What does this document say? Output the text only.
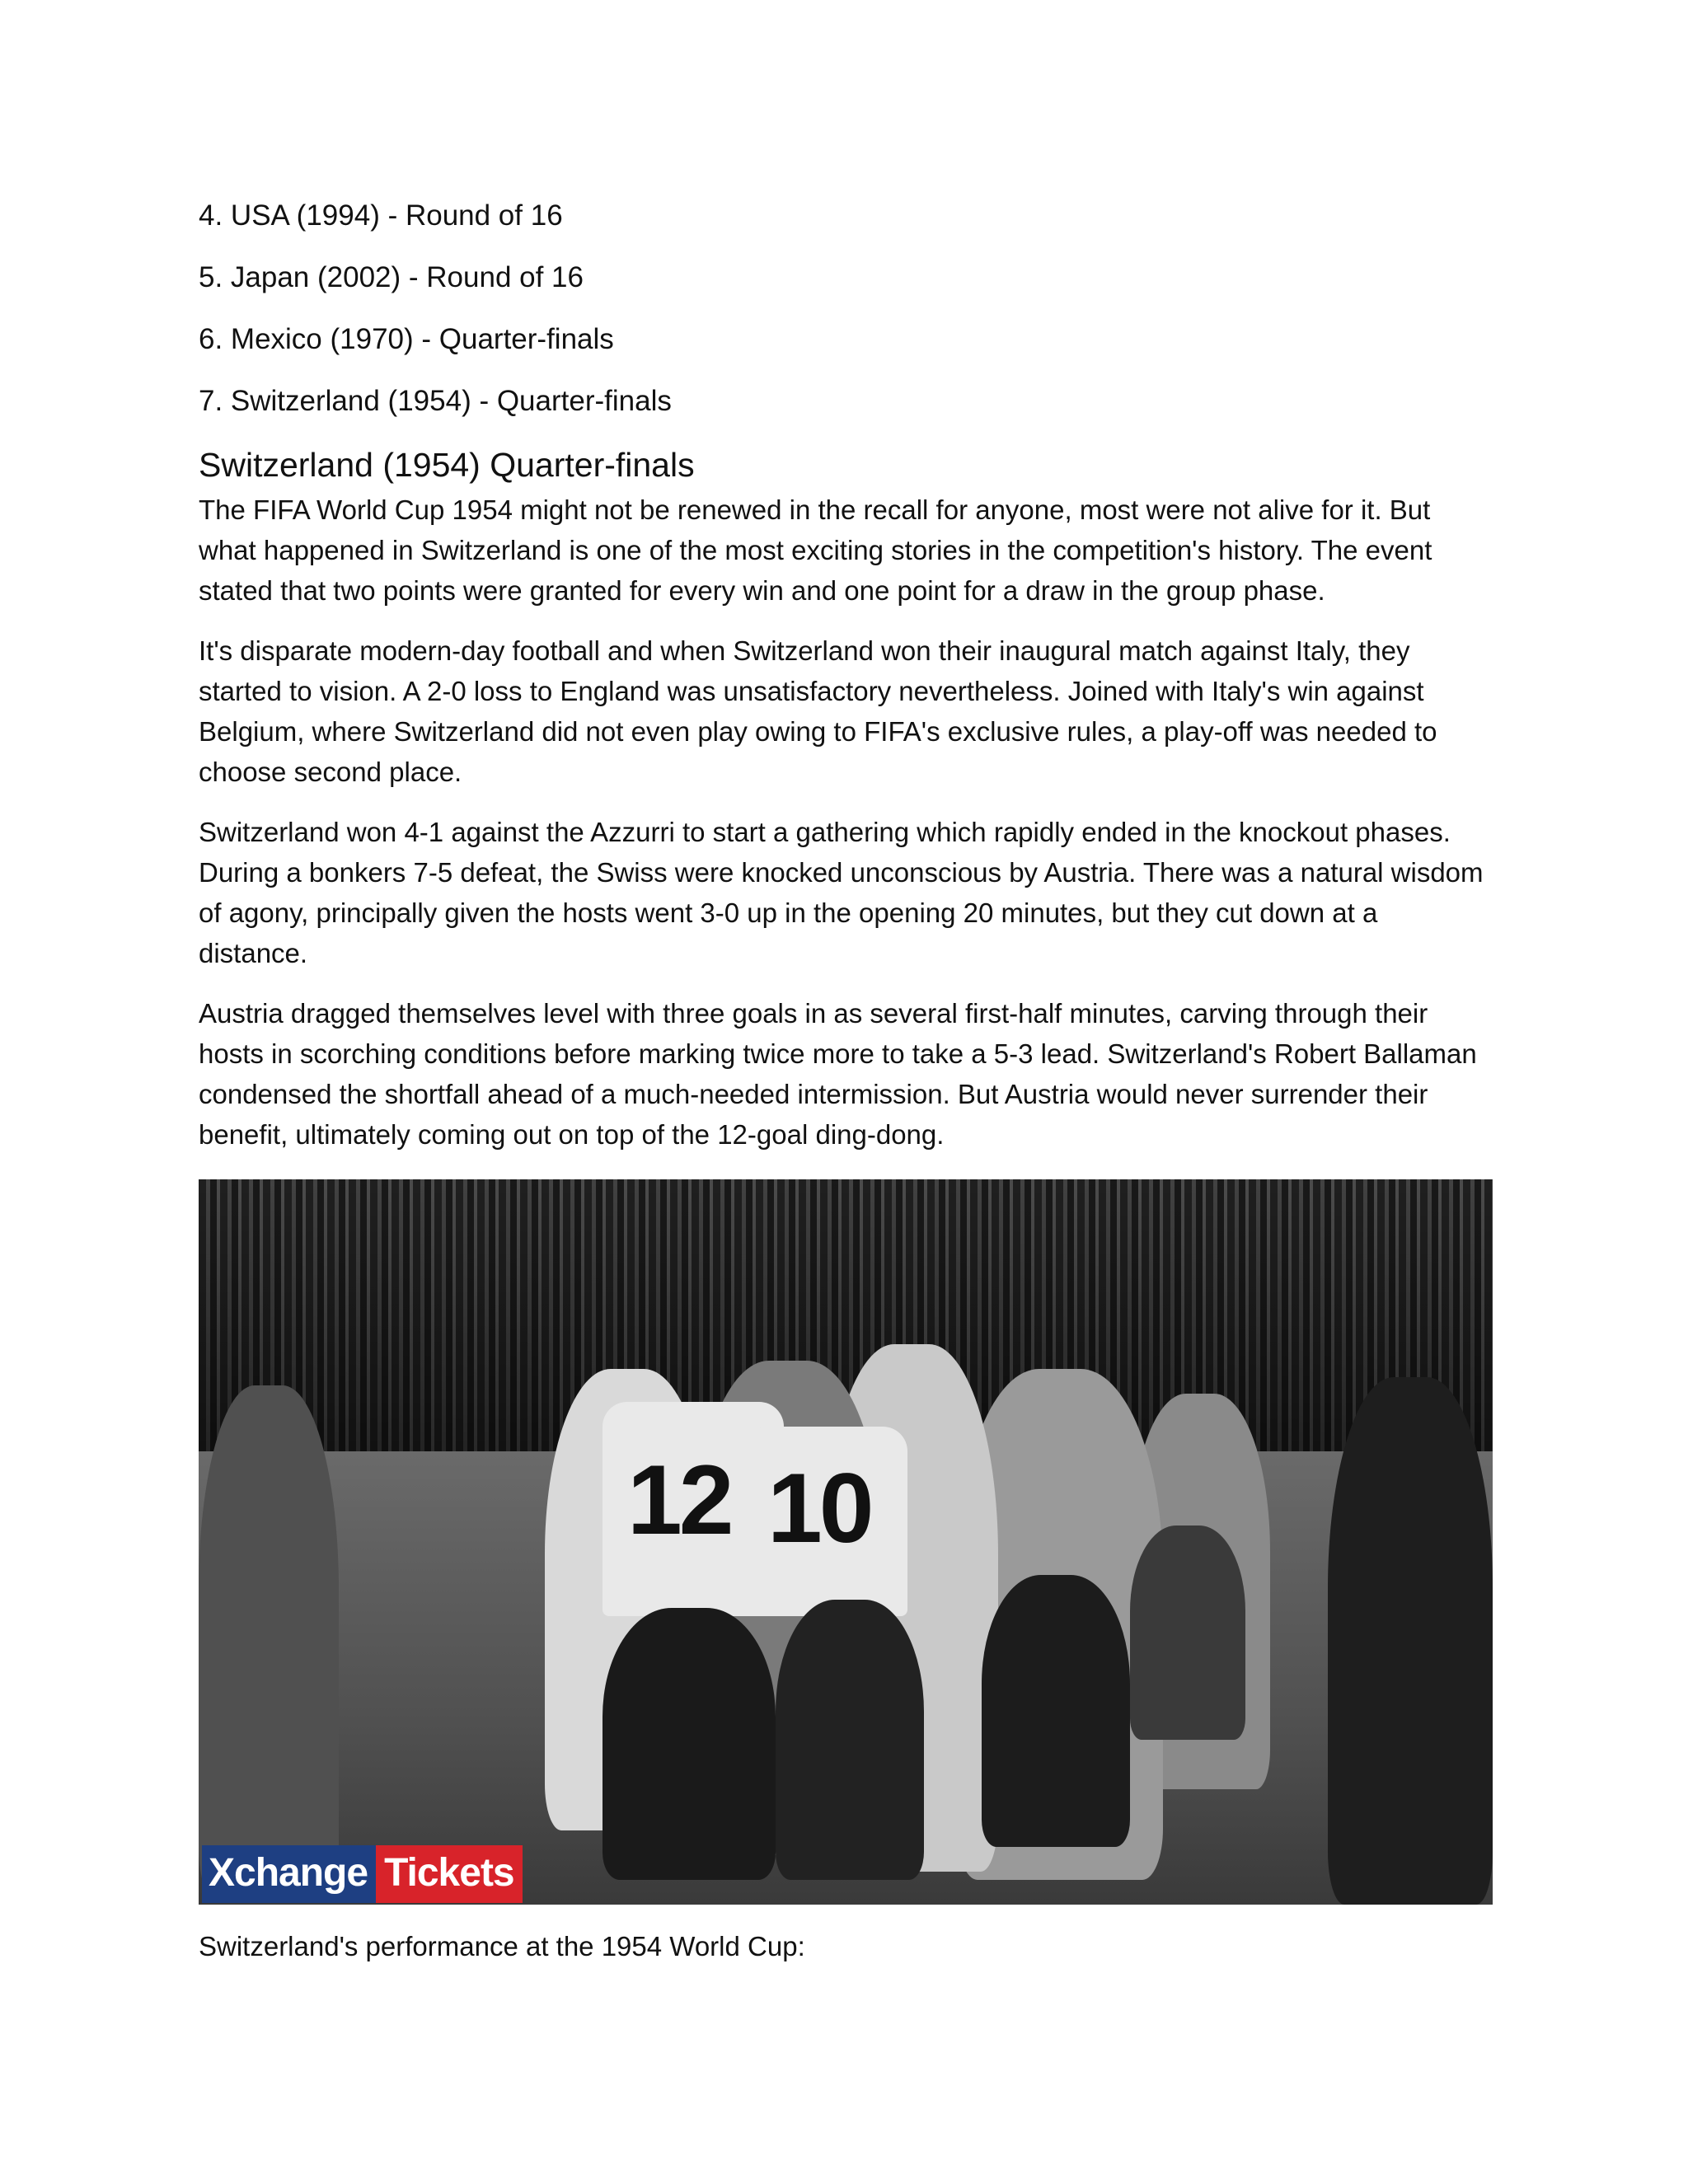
4. USA (1994) - Round of 16

5. Japan (2002) - Round of 16

6. Mexico (1970) - Quarter-finals

7. Switzerland (1954) - Quarter-finals

Switzerland (1954) Quarter-finals

The FIFA World Cup 1954 might not be renewed in the recall for anyone, most were not alive for it. But what happened in Switzerland is one of the most exciting stories in the competition's history. The event stated that two points were granted for every win and one point for a draw in the group phase.

It's disparate modern-day football and when Switzerland won their inaugural match against Italy, they started to vision. A 2-0 loss to England was unsatisfactory nevertheless. Joined with Italy's win against Belgium, where Switzerland did not even play owing to FIFA's exclusive rules, a play-off was needed to choose second place.

Switzerland won 4-1 against the Azzurri to start a gathering which rapidly ended in the knockout phases. During a bonkers 7-5 defeat, the Swiss were knocked unconscious by Austria. There was a natural wisdom of agony, principally given the hosts went 3-0 up in the opening 20 minutes, but they cut down at a distance.

Austria dragged themselves level with three goals in as several first-half minutes, carving through their hosts in scorching conditions before marking twice more to take a 5-3 lead. Switzerland's Robert Ballaman condensed the shortfall ahead of a much-needed intermission. But Austria would never surrender their benefit, ultimately coming out on top of the 12-goal ding-dong.

12 10
Xchange Tickets

Switzerland's performance at the 1954 World Cup:
